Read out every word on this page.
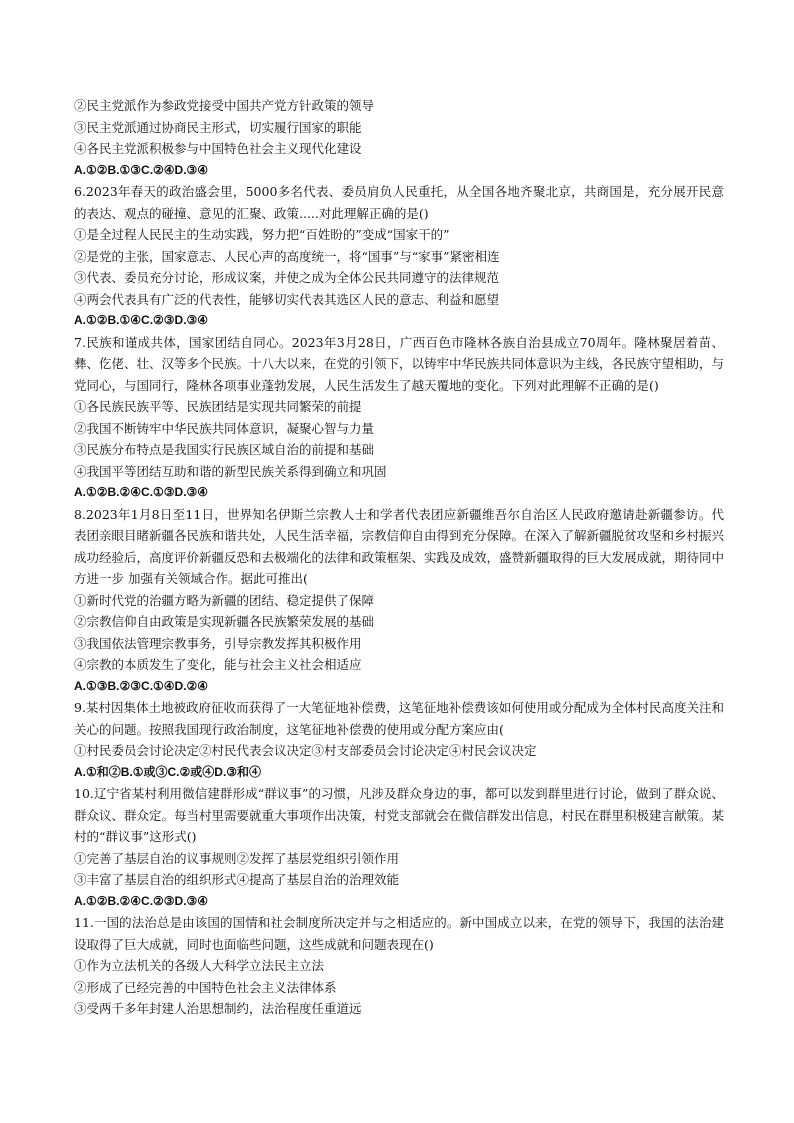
②民主党派作为参政党接受中国共产党方针政策的领导
③民主党派通过协商民主形式，切实履行国家的职能
④各民主党派积极参与中国特色社会主义现代化建设
A.①②B.①③C.②④D.③④
6.2023年春天的政治盛会里，5000多名代表、委员肩负人民重托，从全国各地齐聚北京，共商国是，充分展开民意的表达、观点的碰撞、意见的汇聚、政策.....对此理解正确的是()
①是全过程人民民主的生动实践，努力把“百姓盼的”变成“国家干的”
②是党的主张，国家意志、人民心声的高度统一，将“国事”与“家事”紧密相连
③代表、委员充分讨论，形成议案，并使之成为全体公民共同遵守的法律规范
④两会代表具有广泛的代表性，能够切实代表其选区人民的意志、利益和愿望
A.①②B.①④C.②③D.③④
7.民族和谨成共体，国家团结自同心。2023年3月28日，广西百色市隆林各族自治县成立70周年。隆林聚居着苗、彝、仡佬、壮、汉等多个民族。十八大以来，在党的引领下，以铸牢中华民族共同体意识为主线，各民族守望相助，与党同心，与国同行，隆林各项事业蓬勃发展，人民生活发生了越天覆地的变化。下列对此理解不正确的是()
①各民族民族平等、民族团结是实现共同繁荣的前提
②我国不断铸牢中华民族共同体意识，凝聚心智与力量
③民族分布特点是我国实行民族区域自治的前提和基础
④我国平等团结互助和谐的新型民族关系得到确立和巩固
A.①②B.②④C.①③D.③④
8.2023年1月8日至11日，世界知名伊斯兰宗教人士和学者代表团应新疆维吾尔自治区人民政府邀请赴新疆参访。代表团亲眼目睹新疆各民族和谐共处，人民生活幸福，宗教信仰自由得到充分保障。在深入了解新疆脱贫攻坚和乡村振兴成功经验后，高度评价新疆反恐和去极端化的法律和政策框架、实践及成效，盛赞新疆取得的巨大发展成就，期待同中方进一步 加强有关领域合作。据此可推出(
①新时代党的治疆方略为新疆的团结、稳定提供了保障
②宗教信仰自由政策是实现新疆各民族繁荣发展的基础
③我国依法管理宗教事务，引导宗教发挥其积极作用
④宗教的本质发生了变化，能与社会主义社会相适应
A.①③B.②③C.①④D.②④
9.某村因集体土地被政府征收而获得了一大笔征地补偿费，这笔征地补偿费该如何使用或分配成为全体村民高度关注和关心的问题。按照我国现行政治制度，这笔征地补偿费的使用或分配方案应由(
①村民委员会讨论决定②村民代表会议决定③村支部委员会讨论决定④村民会议决定
A.①和②B.①或③C.②或④D.③和④
10.辽宁省某村利用微信建群形成“群议事”的习惯，凡涉及群众身边的事，都可以发到群里进行讨论，做到了群众说、群众议、群众定。每当村里需要就重大事项作出决策，村党支部就会在微信群发出信息，村民在群里积极建言献策。某村的“群议事”这形式()
①完善了基层自治的议事规则②发挥了基层党组织引领作用
③丰富了基层自治的组织形式④提高了基层自治的治理效能
A.①②B.②④C.②③D.③④
11.一国的法治总是由该国的国情和社会制度所决定并与之相适应的。新中国成立以来，在党的领导下，我国的法治建设取得了巨大成就，同时也面临些问题，这些成就和问题表现在()
①作为立法机关的各级人大科学立法民主立法
②形成了已经完善的中国特色社会主义法律体系
③受两千多年封建人治思想制约，法治程度任重道远
